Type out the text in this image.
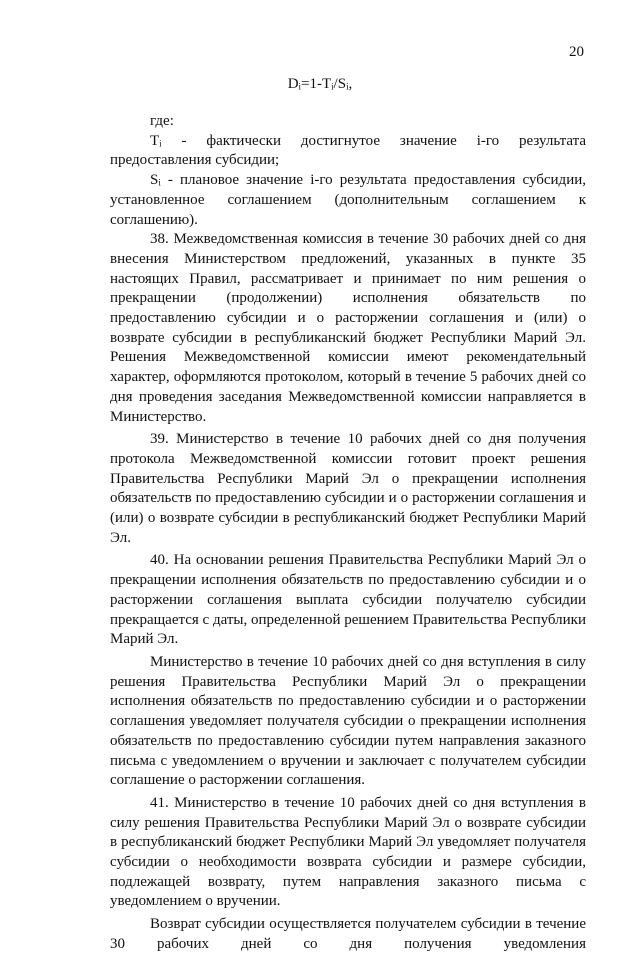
20
Dᵢ=1-Tᵢ/Sᵢ,

где:

Tᵢ - фактически достигнутое значение i-го результата предоставления субсидии;

Sᵢ - плановое значение i-го результата предоставления субсидии, установленное соглашением (дополнительным соглашением к соглашению).

38. Межведомственная комиссия в течение 30 рабочих дней со дня внесения Министерством предложений, указанных в пункте 35 настоящих Правил, рассматривает и принимает по ним решения о прекращении (продолжении) исполнения обязательств по предоставлению субсидии и о расторжении соглашения и (или) о возврате субсидии в республиканский бюджет Республики Марий Эл. Решения Межведомственной комиссии имеют рекомендательный характер, оформляются протоколом, который в течение 5 рабочих дней со дня проведения заседания Межведомственной комиссии направляется в Министерство.

39. Министерство в течение 10 рабочих дней со дня получения протокола Межведомственной комиссии готовит проект решения Правительства Республики Марий Эл о прекращении исполнения обязательств по предоставлению субсидии и о расторжении соглашения и (или) о возврате субсидии в республиканский бюджет Республики Марий Эл.

40. На основании решения Правительства Республики Марий Эл о прекращении исполнения обязательств по предоставлению субсидии и о расторжении соглашения выплата субсидии получателю субсидии прекращается с даты, определенной решением Правительства Республики Марий Эл.

Министерство в течение 10 рабочих дней со дня вступления в силу решения Правительства Республики Марий Эл о прекращении исполнения обязательств по предоставлению субсидии и о расторжении соглашения уведомляет получателя субсидии о прекращении исполнения обязательств по предоставлению субсидии путем направления заказного письма с уведомлением о вручении и заключает с получателем субсидии соглашение о расторжении соглашения.

41. Министерство в течение 10 рабочих дней со дня вступления в силу решения Правительства Республики Марий Эл о возврате субсидии в республиканский бюджет Республики Марий Эл уведомляет получателя субсидии о необходимости возврата субсидии и размере субсидии, подлежащей возврату, путем направления заказного письма с уведомлением о вручении.

Возврат субсидии осуществляется получателем субсидии в течение 30 рабочих дней со дня получения уведомления
